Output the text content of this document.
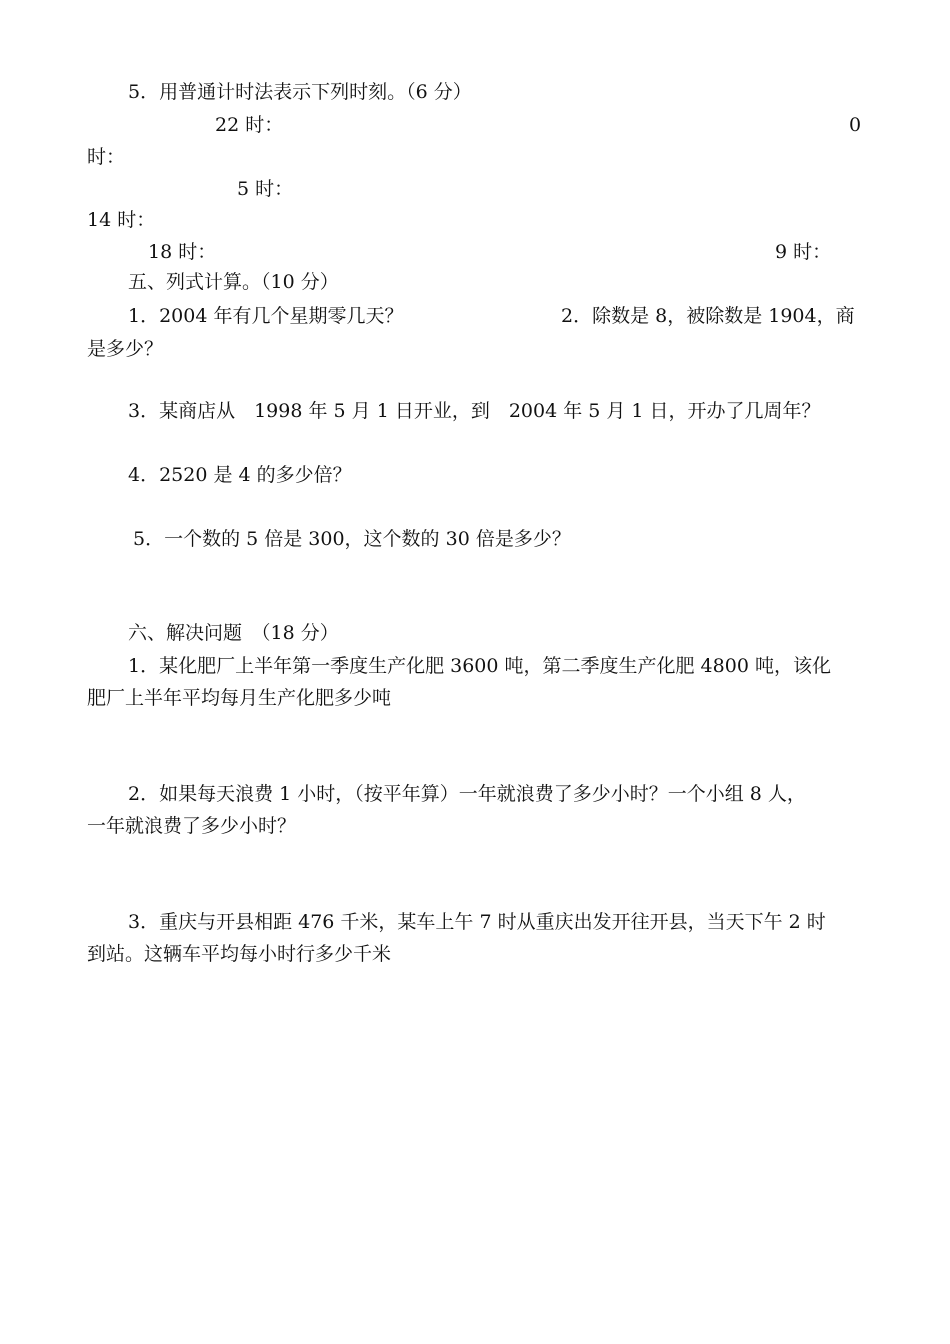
5．用普通计时法表示下列时刻。（6 分）
22 时：	0
时：
5 时：
14 时：
18 时：	9 时：
五、列式计算。（10 分）
1．2004 年有几个星期零几天？	2．除数是 8，被除数是 1904，商
是多少？
3．某商店从　1998 年 5 月 1 日开业，到　2004 年 5 月 1 日，开办了几周年？
4．2520 是 4 的多少倍？
5．一个数的 5 倍是 300，这个数的 30 倍是多少？
六、解决问题　（18 分）
1．某化肥厂上半年第一季度生产化肥 3600 吨，第二季度生产化肥 4800 吨，该化
肥厂上半年平均每月生产化肥多少吨
2．如果每天浪费 1 小时，（按平年算）一年就浪费了多少小时？一个小组 8 人，
一年就浪费了多少小时？
3．重庆与开县相距 476 千米，某车上午 7 时从重庆出发开往开县，当天下午 2 时
到站。这辆车平均每小时行多少千米
